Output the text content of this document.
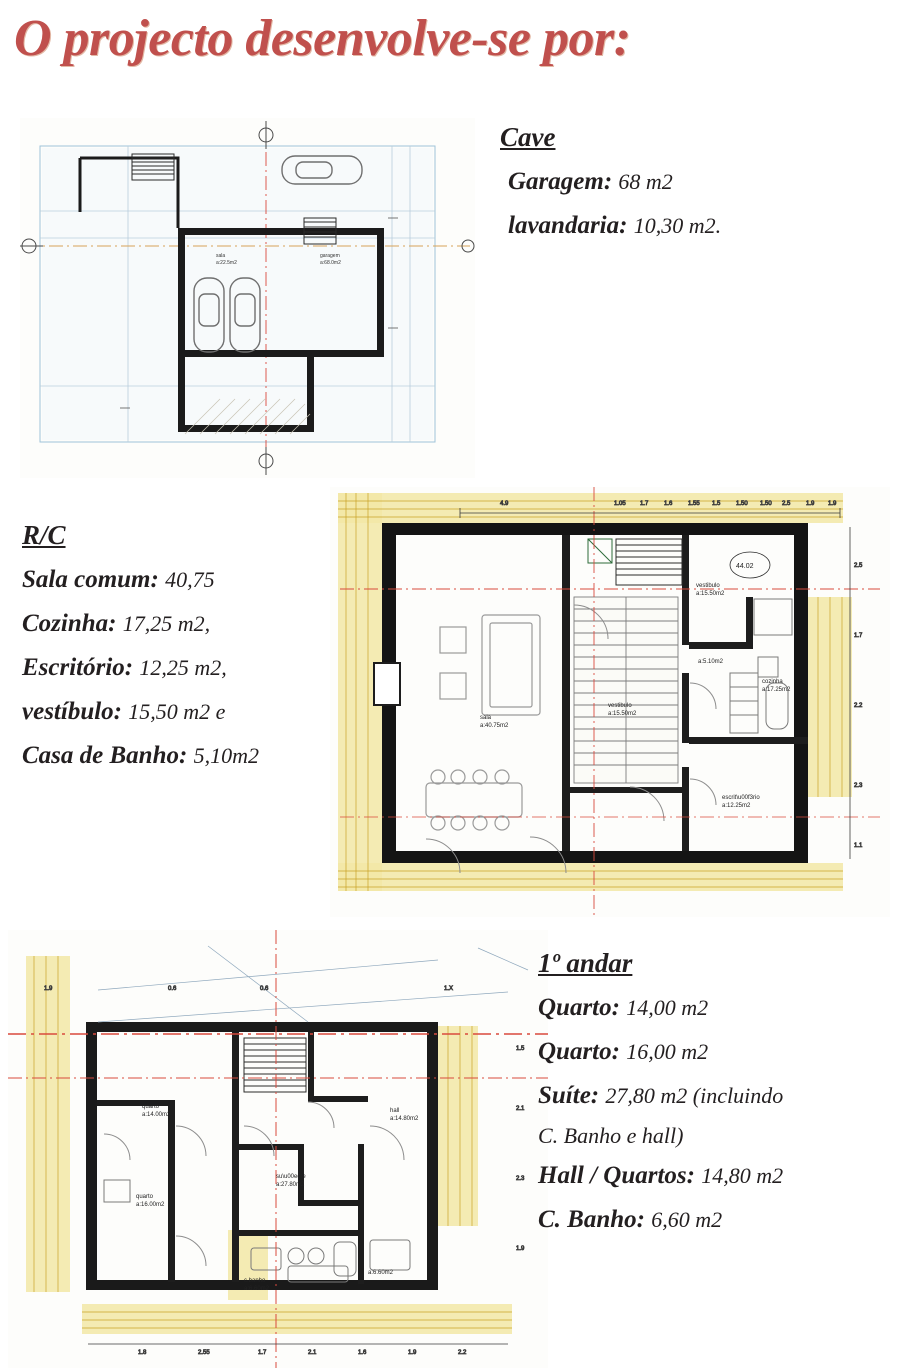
O projecto desenvolve-se por:
sala
a:22.5m2
garagem
a:68.0m2
Cave
Garagem: 68 m2
lavandaria: 10,30 m2.
R/C
Sala comum: 40,75
Cozinha: 17,25 m2,
Escritório: 12,25 m2,
vestíbulo: 15,50 m2 e
Casa de Banho: 5,10m2
4.9	1.05 1.7	1.6	1.55 1.5	1.50 1.50 2.5	1.9 1.9
2.5
1.7
2.2
2.3
1.1
sala
a:40.75m2
vestibulo
a:15.50m2
vestibulo
a:15.50m2
cozinha
a:17.25m2
escrit\u00f3rio
a:12.25m2
a:5.10m2
44.02
quarto
a:14.00m2
quarto
a:16.00m2
su\u00edte
a:27.80m2
hall
a:14.80m2
c.banho
a:6.60m2
a:6.60m2
1.8	2.55	1.7	2.1	1.6	1.9	2.2
1.5
2.1
2.3
1.9
1.9	0.6	0.6	1.X
1º andar
Quarto: 14,00 m2
Quarto: 16,00 m2
Suíte: 27,80 m2 (incluindo
C. Banho e hall)
Hall / Quartos: 14,80 m2
C. Banho: 6,60 m2
